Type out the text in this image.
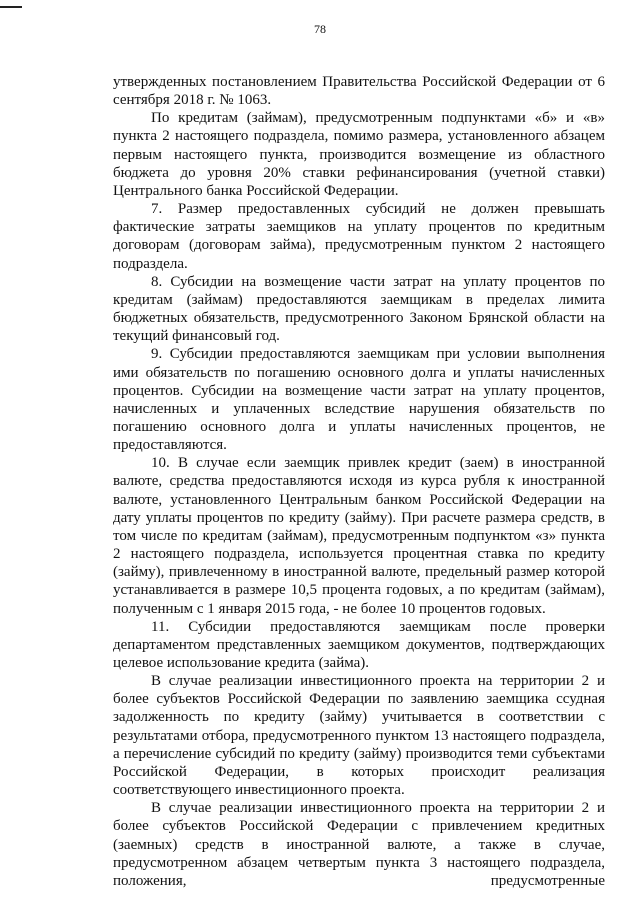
78

утвержденных постановлением Правительства Российской Федерации от 6 сентября 2018 г. № 1063.

По кредитам (займам), предусмотренным подпунктами «б» и «в» пункта 2 настоящего подраздела, помимо размера, установленного абзацем первым настоящего пункта, производится возмещение из областного бюджета до уровня 20% ставки рефинансирования (учетной ставки) Центрального банка Российской Федерации.

7. Размер предоставленных субсидий не должен превышать фактические затраты заемщиков на уплату процентов по кредитным договорам (договорам займа), предусмотренным пунктом 2 настоящего подраздела.

8. Субсидии на возмещение части затрат на уплату процентов по кредитам (займам) предоставляются заемщикам в пределах лимита бюджетных обязательств, предусмотренного Законом Брянской области на текущий финансовый год.

9. Субсидии предоставляются заемщикам при условии выполнения ими обязательств по погашению основного долга и уплаты начисленных процентов. Субсидии на возмещение части затрат на уплату процентов, начисленных и уплаченных вследствие нарушения обязательств по погашению основного долга и уплаты начисленных процентов, не предоставляются.

10. В случае если заемщик привлек кредит (заем) в иностранной валюте, средства предоставляются исходя из курса рубля к иностранной валюте, установленного Центральным банком Российской Федерации на дату уплаты процентов по кредиту (займу). При расчете размера средств, в том числе по кредитам (займам), предусмотренным подпунктом «з» пункта 2 настоящего подраздела, используется процентная ставка по кредиту (займу), привлеченному в иностранной валюте, предельный размер которой устанавливается в размере 10,5 процента годовых, а по кредитам (займам), полученным с 1 января 2015 года, - не более 10 процентов годовых.

11. Субсидии предоставляются заемщикам после проверки департаментом представленных заемщиком документов, подтверждающих целевое использование кредита (займа).

В случае реализации инвестиционного проекта на территории 2 и более субъектов Российской Федерации по заявлению заемщика ссудная задолженность по кредиту (займу) учитывается в соответствии с результатами отбора, предусмотренного пунктом 13 настоящего подраздела, а перечисление субсидий по кредиту (займу) производится теми субъектами Российской Федерации, в которых происходит реализация соответствующего инвестиционного проекта.

В случае реализации инвестиционного проекта на территории 2 и более субъектов Российской Федерации с привлечением кредитных (заемных) средств в иностранной валюте, а также в случае, предусмотренном абзацем четвертым пункта 3 настоящего подраздела, положения, предусмотренные
